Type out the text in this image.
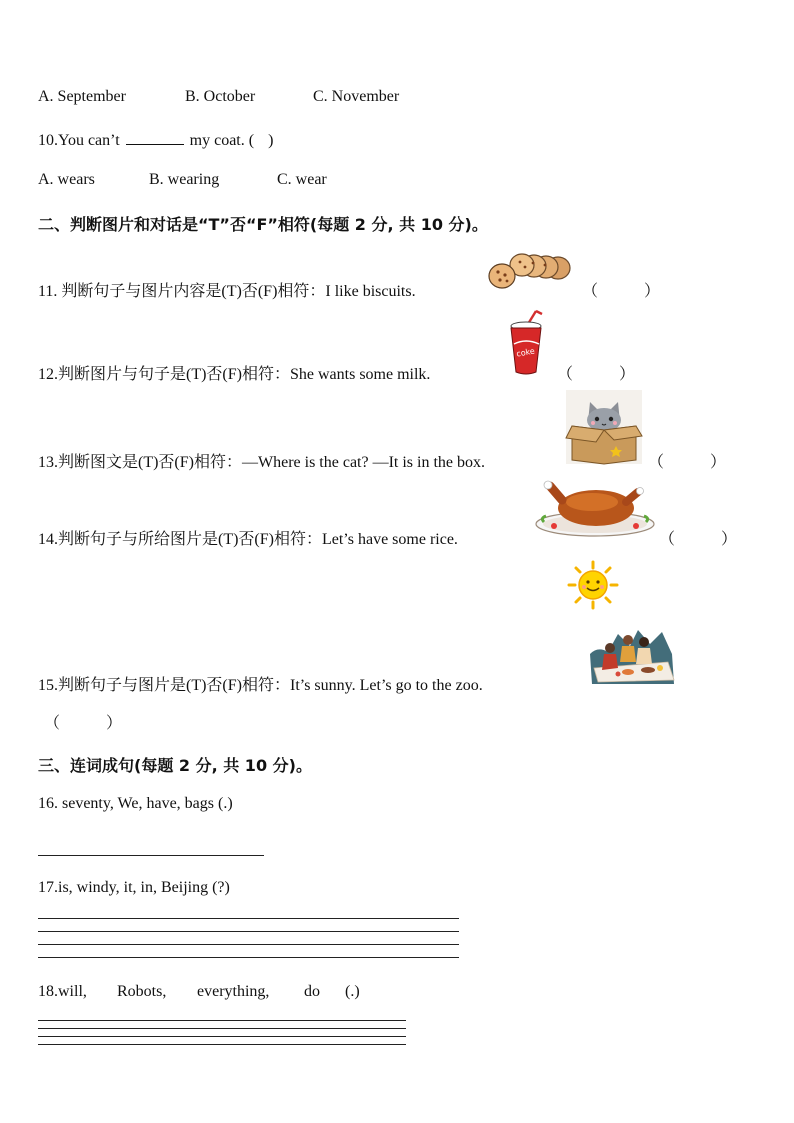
A. September	B. October	C. November
10.You can’t	my coat. ( )
A. wears	B. wearing	C. wear
二、判断图片和对话是“T”否“F”相符(每题 2 分, 共 10 分)。
11. 判断句子与图片内容是(T)否(F)相符：I like biscuits.	（	）
12.判断图片与句子是(T)否(F)相符：She wants some milk.
coke
（	）
13.判断图文是(T)否(F)相符：—Where is the cat? —It is in the box.	（	）
14.判断句子与所给图片是(T)否(F)相符：Let’s have some rice.	（	）
15.判断句子与图片是(T)否(F)相符：It’s sunny. Let’s go to the zoo.
（	）
三、连词成句(每题 2 分, 共 10 分)。
16. seventy, We, have, bags (.)
17.is, windy, it, in, Beijing (?)
18.will, Robots, everything, do (.)
